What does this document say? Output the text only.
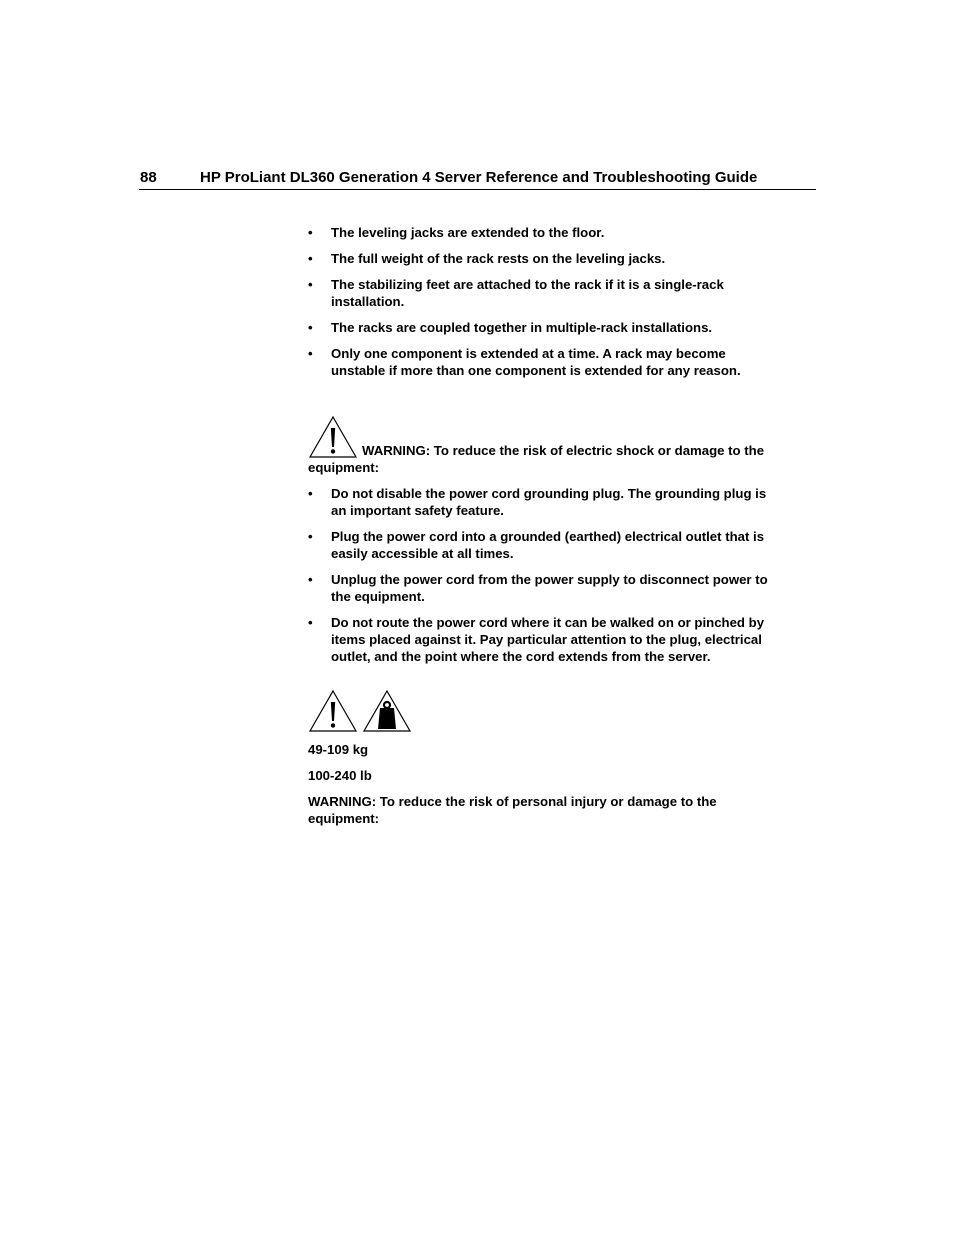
88	HP ProLiant DL360 Generation 4 Server Reference and Troubleshooting Guide
• The leveling jacks are extended to the floor.
• The full weight of the rack rests on the leveling jacks.
• The stabilizing feet are attached to the rack if it is a single-rack installation.
• The racks are coupled together in multiple-rack installations.
• Only one component is extended at a time. A rack may become unstable if more than one component is extended for any reason.
WARNING: To reduce the risk of electric shock or damage to the equipment:
• Do not disable the power cord grounding plug. The grounding plug is an important safety feature.
• Plug the power cord into a grounded (earthed) electrical outlet that is easily accessible at all times.
• Unplug the power cord from the power supply to disconnect power to the equipment.
• Do not route the power cord where it can be walked on or pinched by items placed against it. Pay particular attention to the plug, electrical outlet, and the point where the cord extends from the server.

49-109 kg
100-240 lb
WARNING: To reduce the risk of personal injury or damage to the equipment:
